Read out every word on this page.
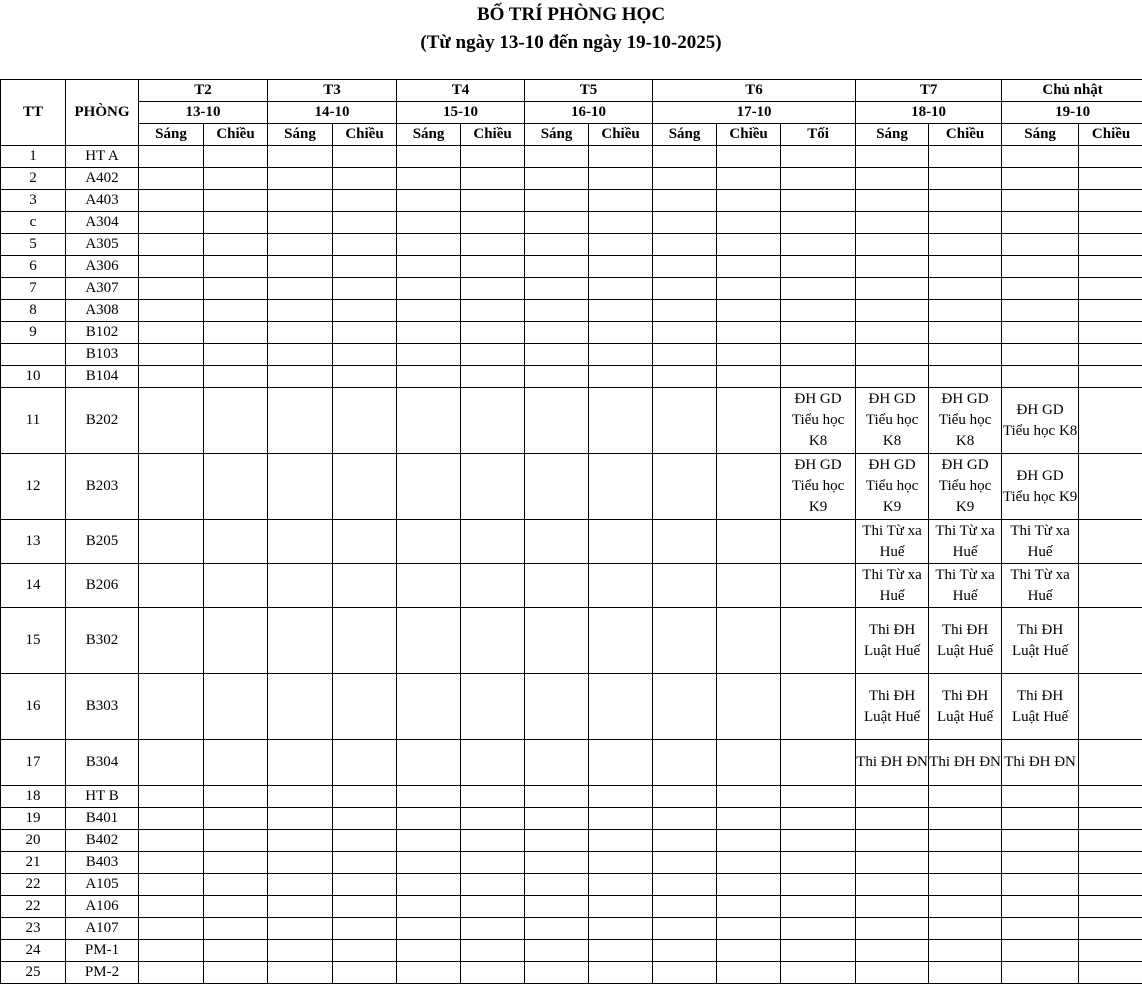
BỐ TRÍ PHÒNG HỌC
(Từ ngày 13-10 đến ngày 19-10-2025)
TT	PHÒNG	T2		T3		T4		T5		T6			T7		Chủ nhật	
		13-10		14-10		15-10		16-10		17-10			18-10		19-10	
		Sáng	Chiều	Sáng	Chiều	Sáng	Chiều	Sáng	Chiều	Sáng	Chiều	Tối	Sáng	Chiều	Sáng	Chiều
1	HT A															
2	A402															
3	A403															
c	A304															
5	A305															
6	A306															
7	A307															
8	A308															
9	B102															
	B103															
10	B104															
11	B202											ĐH GD Tiểu học K8	ĐH GD Tiểu học K8	ĐH GD Tiểu học K8	ĐH GD Tiểu học K8	
12	B203											ĐH GD Tiểu học K9	ĐH GD Tiểu học K9	ĐH GD Tiểu học K9	ĐH GD Tiểu học K9	
13	B205												Thi Từ xa Huế	Thi Từ xa Huế	Thi Từ xa Huế	
14	B206												Thi Từ xa Huế	Thi Từ xa Huế	Thi Từ xa Huế	
15	B302												Thi ĐH Luật Huế	Thi ĐH Luật Huế	Thi ĐH Luật Huế	
16	B303												Thi ĐH Luật Huế	Thi ĐH Luật Huế	Thi ĐH Luật Huế	
17	B304												Thi ĐH ĐN	Thi ĐH ĐN	Thi ĐH ĐN	
18	HT B															
19	B401															
20	B402															
21	B403															
22	A105															
22	A106															
23	A107															
24	PM-1															
25	PM-2															
